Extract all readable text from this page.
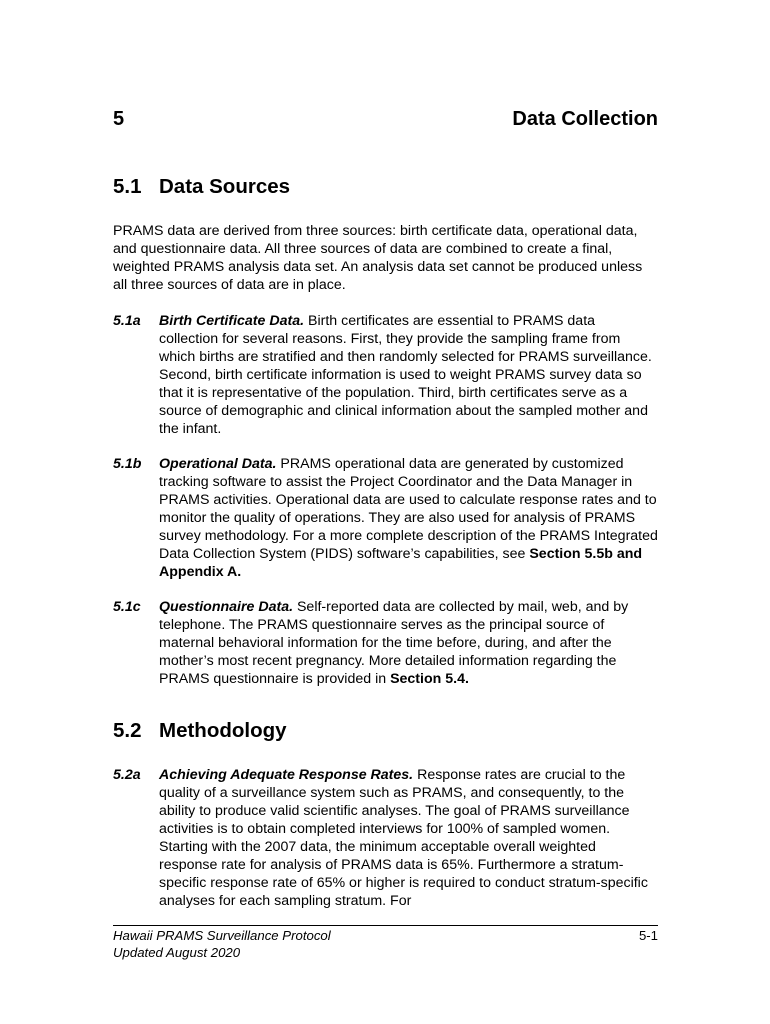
5	Data Collection
5.1 Data Sources

PRAMS data are derived from three sources: birth certificate data, operational data, and questionnaire data. All three sources of data are combined to create a final, weighted PRAMS analysis data set. An analysis data set cannot be produced unless all three sources of data are in place.

5.1a Birth Certificate Data. Birth certificates are essential to PRAMS data collection for several reasons. First, they provide the sampling frame from which births are stratified and then randomly selected for PRAMS surveillance. Second, birth certificate information is used to weight PRAMS survey data so that it is representative of the population. Third, birth certificates serve as a source of demographic and clinical information about the sampled mother and the infant.
5.1b Operational Data. PRAMS operational data are generated by customized tracking software to assist the Project Coordinator and the Data Manager in PRAMS activities. Operational data are used to calculate response rates and to monitor the quality of operations. They are also used for analysis of PRAMS survey methodology. For a more complete description of the PRAMS Integrated Data Collection System (PIDS) software’s capabilities, see Section 5.5b and Appendix A.
5.1c Questionnaire Data. Self-reported data are collected by mail, web, and by telephone. The PRAMS questionnaire serves as the principal source of maternal behavioral information for the time before, during, and after the mother’s most recent pregnancy. More detailed information regarding the PRAMS questionnaire is provided in Section 5.4.
5.2 Methodology
5.2a Achieving Adequate Response Rates. Response rates are crucial to the quality of a surveillance system such as PRAMS, and consequently, to the ability to produce valid scientific analyses. The goal of PRAMS surveillance activities is to obtain completed interviews for 100% of sampled women. Starting with the 2007 data, the minimum acceptable overall weighted response rate for analysis of PRAMS data is 65%. Furthermore a stratum-specific response rate of 65% or higher is required to conduct stratum-specific analyses for each sampling stratum. For
Hawaii PRAMS Surveillance Protocol
Updated August 2020
5-1
